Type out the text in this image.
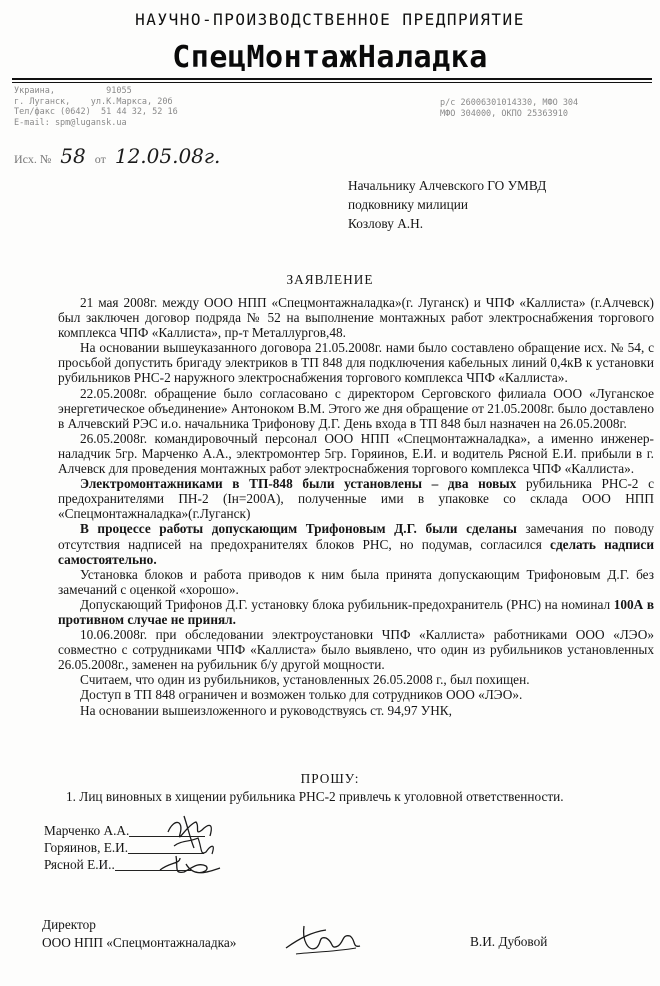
НАУЧНО-ПРОИЗВОДСТВЕННОЕ ПРЕДПРИЯТИЕ
СпецМонтажНаладка
Украина,          91055
г. Луганск,    ул.К.Маркса, 20б
Тел/факс (0642)  51 44 32, 52 16
E-mail: spm@lugansk.ua
р/с 26006301014330, МФО 304
МФО 304000, ОКПО 25363910
Исх. № 58 от 12.05.08г.
Начальнику Алчевского ГО УМВД
подковнику милиции
Козлову А.Н.
ЗАЯВЛЕНИЕ

21 мая 2008г. между ООО НПП «Спецмонтажналадка»(г. Луганск) и ЧПФ «Каллиста» (г.Алчевск) был заключен договор подряда № 52 на выполнение монтажных работ электроснабжения торгового комплекса ЧПФ «Каллиста», пр-т Металлургов,48.

На основании вышеуказанного договора 21.05.2008г. нами было составлено обращение исх. № 54, с просьбой допустить бригаду электриков в ТП 848 для подключения кабельных линий 0,4кВ к установки рубильников РНС-2 наружного электроснабжения торгового комплекса ЧПФ «Каллиста».

22.05.2008г. обращение было согласовано с директором Серговского филиала ООО «Луганское энергетическое объединение» Антоноком В.М. Этого же дня обращение от 21.05.2008г. было доставлено в Алчевский РЭС и.о. начальника Трифонову Д.Г. День входа в ТП 848 был назначен на 26.05.2008г.

26.05.2008г. командировочный персонал ООО НПП «Спецмонтажналадка», а именно инженер-наладчик 5гр. Марченко А.А., электромонтер 5гр. Горяинов, Е.И. и водитель Рясной Е.И. прибыли в г. Алчевск для проведения монтажных работ электроснабжения торгового комплекса ЧПФ «Каллиста».

Электромонтажниками в ТП-848 были установлены – два новых рубильника РНС-2 с предохранителями ПН-2 (Iн=200А), полученные ими в упаковке со склада ООО НПП «Спецмонтажналадка»(г.Луганск)

В процессе работы допускающим Трифоновым Д.Г. были сделаны замечания по поводу отсутствия надписей на предохранителях блоков РНС, но подумав, согласился сделать надписи самостоятельно.

Установка блоков и работа приводов к ним была принята допускающим Трифоновым Д.Г. без замечаний с оценкой «хорошо».

Допускающий Трифонов Д.Г. установку блока рубильник-предохранитель (РНС) на номинал 100А в противном случае не принял.

10.06.2008г. при обследовании электроустановки ЧПФ «Каллиста» работниками ООО «ЛЭО» совместно с сотрудниками ЧПФ «Каллиста» было выявлено, что один из рубильников установленных 26.05.2008г., заменен на рубильник б/у другой мощности.

Считаем, что один из рубильников, установленных 26.05.2008 г., был похищен.

Доступ в ТП 848 ограничен и возможен только для сотрудников ООО «ЛЭО».

На основании вышеизложенного и руководствуясь ст. 94,97 УНК,

ПРОШУ:
1. Лиц виновных в хищении рубильника РНС-2 привлечь к уголовной ответственности.
Марченко А.А.
Горяинов, Е.И.
Рясной Е.И..
Директор
ООО НПП «Спецмонтажналадка»	В.И. Дубовой
